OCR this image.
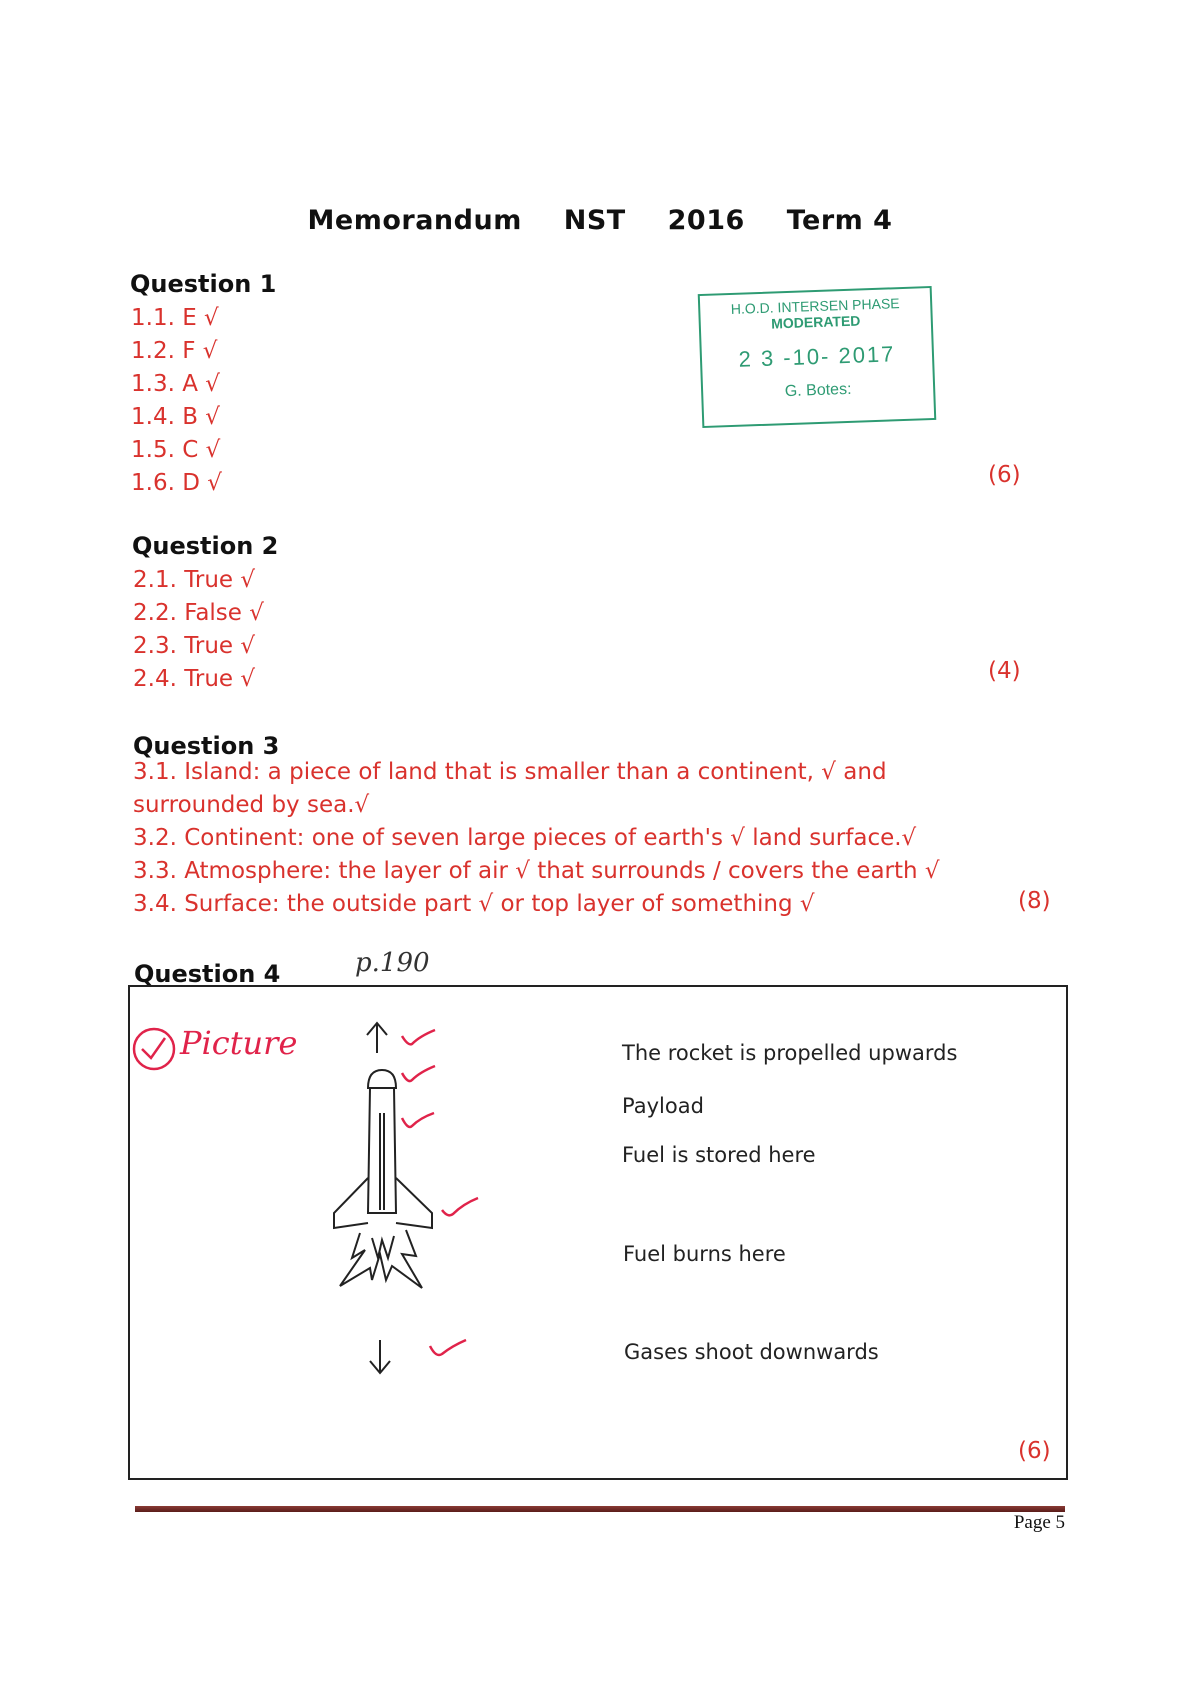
Memorandum NST 2016 Term 4
Question 1
1.1. E √
1.2. F √
1.3. A √
1.4. B √
1.5. C √
1.6. D √	(6)
H.O.D. INTERSEN PHASE
MODERATED
2 3 -10- 2017
G. Botes:
Question 2
2.1. True √
2.2. False √
2.3. True √
2.4. True √	(4)
Question 3
3.1. Island: a piece of land that is smaller than a continent, √ and
surrounded by sea.√
3.2. Continent: one of seven large pieces of earth's √ land surface.√
3.3. Atmosphere: the layer of air √ that surrounds / covers the earth √
3.4. Surface: the outside part √ or top layer of something √	(8)
Question 4	p.190
Picture	The rocket is propelled upwards
Payload
Fuel is stored here
Fuel burns here
Gases shoot downwards
(6)
Page 5
